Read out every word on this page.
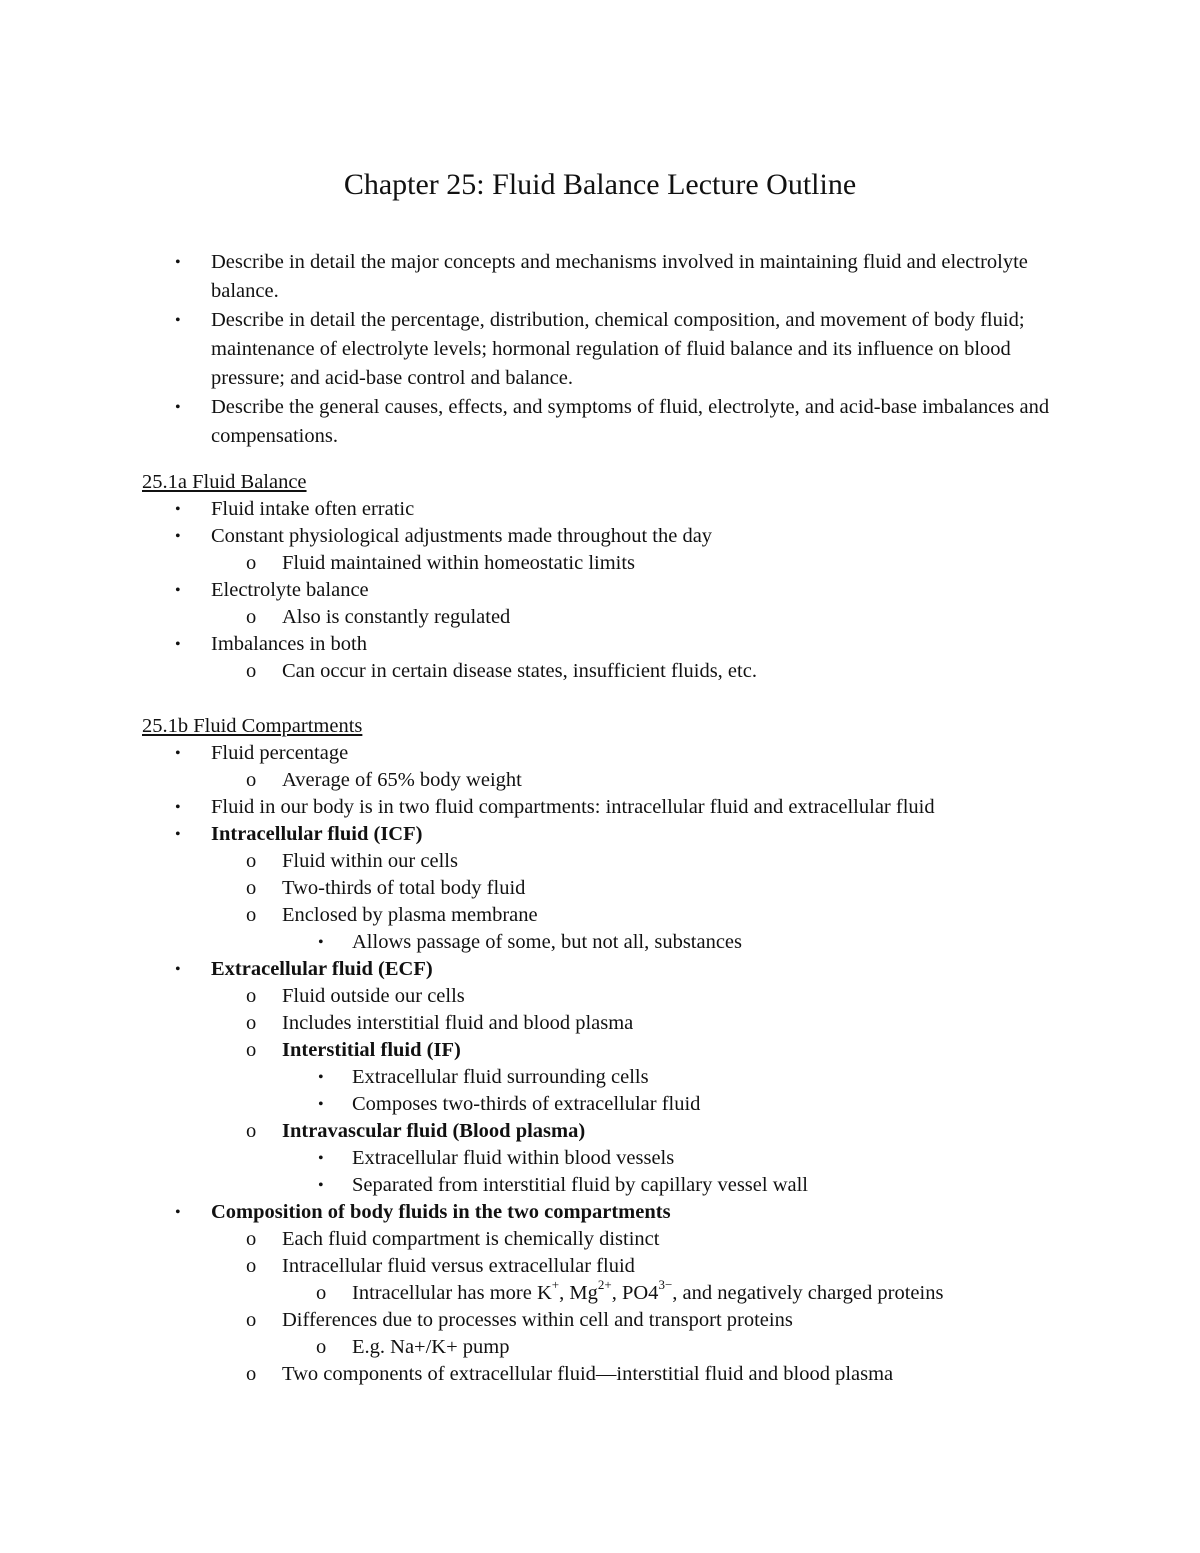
Chapter 25: Fluid Balance Lecture Outline
• Describe in detail the major concepts and mechanisms involved in maintaining fluid and electrolyte balance.
• Describe in detail the percentage, distribution, chemical composition, and movement of body fluid; maintenance of electrolyte levels; hormonal regulation of fluid balance and its influence on blood pressure; and acid-base control and balance.
• Describe the general causes, effects, and symptoms of fluid, electrolyte, and acid-base imbalances and compensations.
25.1a Fluid Balance
• Fluid intake often erratic
• Constant physiological adjustments made throughout the day
o Fluid maintained within homeostatic limits
• Electrolyte balance
o Also is constantly regulated
• Imbalances in both
o Can occur in certain disease states, insufficient fluids, etc.
25.1b Fluid Compartments
• Fluid percentage
o Average of 65% body weight
• Fluid in our body is in two fluid compartments: intracellular fluid and extracellular fluid
• Intracellular fluid (ICF)
o Fluid within our cells
o Two-thirds of total body fluid
o Enclosed by plasma membrane
• Allows passage of some, but not all, substances
• Extracellular fluid (ECF)
o Fluid outside our cells
o Includes interstitial fluid and blood plasma
o Interstitial fluid (IF)
• Extracellular fluid surrounding cells
• Composes two-thirds of extracellular fluid
o Intravascular fluid (Blood plasma)
• Extracellular fluid within blood vessels
• Separated from interstitial fluid by capillary vessel wall
• Composition of body fluids in the two compartments
o Each fluid compartment is chemically distinct
o Intracellular fluid versus extracellular fluid
o Intracellular has more K+, $Mg^{2+}$, $PO4^{3-}$, and negatively charged proteins
o Differences due to processes within cell and transport proteins
o E.g. Na+/K+ pump
o Two components of extracellular fluid—interstitial fluid and blood plasma
